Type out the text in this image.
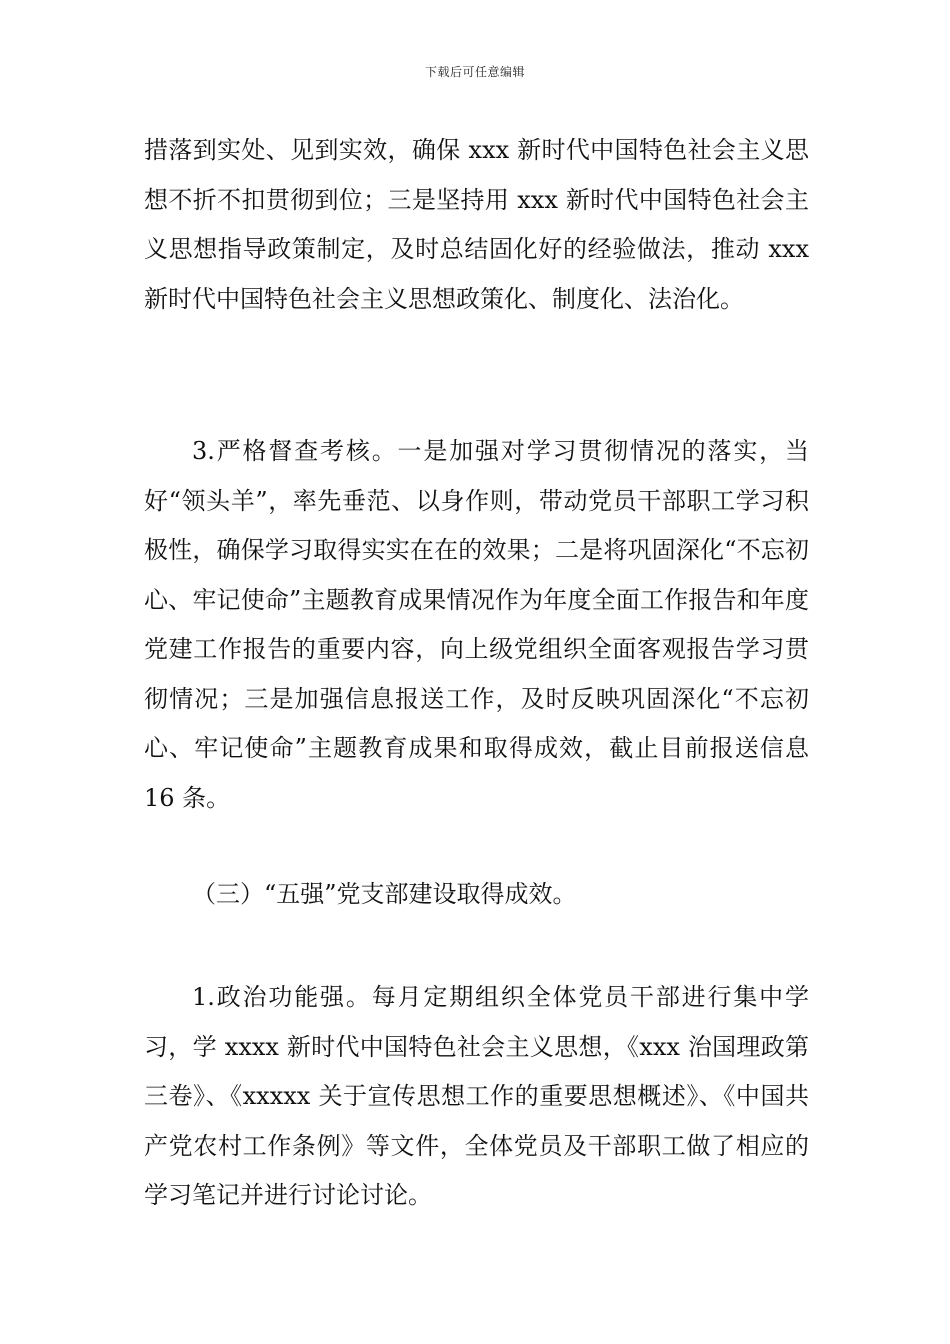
下载后可任意编辑

措落到实处、见到实效，确保 xxx 新时代中国特色社会主义思想不折不扣贯彻到位；三是坚持用 xxx 新时代中国特色社会主义思想指导政策制定，及时总结固化好的经验做法，推动 xxx 新时代中国特色社会主义思想政策化、制度化、法治化。

3.严格督查考核。一是加强对学习贯彻情况的落实，当好“领头羊”，率先垂范、以身作则，带动党员干部职工学习积极性，确保学习取得实实在在的效果；二是将巩固深化“不忘初心、牢记使命”主题教育成果情况作为年度全面工作报告和年度党建工作报告的重要内容，向上级党组织全面客观报告学习贯彻情况；三是加强信息报送工作，及时反映巩固深化“不忘初心、牢记使命”主题教育成果和取得成效，截止目前报送信息 16 条。

（三）“五强”党支部建设取得成效。

1.政治功能强。每月定期组织全体党员干部进行集中学习，学 xxxx 新时代中国特色社会主义思想，《xxx 治国理政第三卷》、《xxxxx 关于宣传思想工作的重要思想概述》、《中国共产党农村工作条例》等文件，全体党员及干部职工做了相应的学习笔记并进行讨论讨论。
